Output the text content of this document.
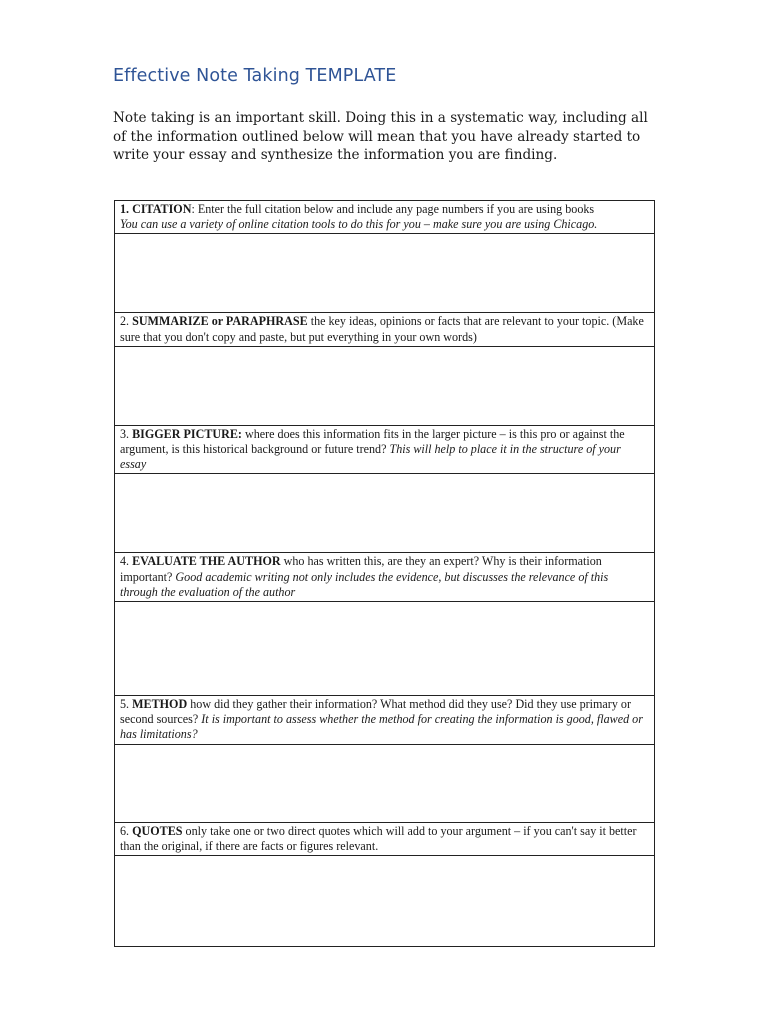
Effective Note Taking TEMPLATE

Note taking is an important skill. Doing this in a systematic way, including all of the information outlined below will mean that you have already started to write your essay and synthesize the information you are finding.

1. CITATION: Enter the full citation below and include any page numbers if you are using books
You can use a variety of online citation tools to do this for you – make sure you are using Chicago.

2. SUMMARIZE or PARAPHRASE the key ideas, opinions or facts that are relevant to your topic. (Make sure that you don't copy and paste, but put everything in your own words)

3. BIGGER PICTURE: where does this information fits in the larger picture – is this pro or against the argument, is this historical background or future trend? This will help to place it in the structure of your essay

4. EVALUATE THE AUTHOR who has written this, are they an expert? Why is their information important? Good academic writing not only includes the evidence, but discusses the relevance of this through the evaluation of the author

5. METHOD how did they gather their information? What method did they use? Did they use primary or second sources? It is important to assess whether the method for creating the information is good, flawed or has limitations?

6. QUOTES only take one or two direct quotes which will add to your argument – if you can't say it better than the original, if there are facts or figures relevant.
